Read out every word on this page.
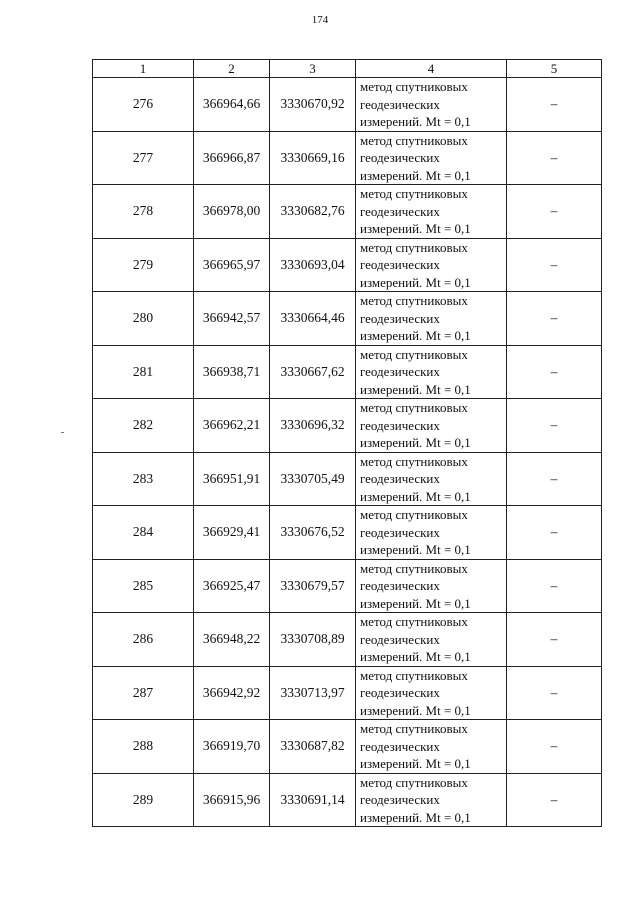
174
1	2	3	4	5
276	366964,66	3330670,92	метод спутниковых
геодезических
измерений. Mt = 0,1	–
277	366966,87	3330669,16	метод спутниковых
геодезических
измерений. Mt = 0,1	–
278	366978,00	3330682,76	метод спутниковых
геодезических
измерений. Mt = 0,1	–
279	366965,97	3330693,04	метод спутниковых
геодезических
измерений. Mt = 0,1	–
280	366942,57	3330664,46	метод спутниковых
геодезических
измерений. Mt = 0,1	–
281	366938,71	3330667,62	метод спутниковых
геодезических
измерений. Mt = 0,1	–
282	366962,21	3330696,32	метод спутниковых
геодезических
измерений. Mt = 0,1	–
283	366951,91	3330705,49	метод спутниковых
геодезических
измерений. Mt = 0,1	–
284	366929,41	3330676,52	метод спутниковых
геодезических
измерений. Mt = 0,1	–
285	366925,47	3330679,57	метод спутниковых
геодезических
измерений. Mt = 0,1	–
286	366948,22	3330708,89	метод спутниковых
геодезических
измерений. Mt = 0,1	–
287	366942,92	3330713,97	метод спутниковых
геодезических
измерений. Mt = 0,1	–
288	366919,70	3330687,82	метод спутниковых
геодезических
измерений. Mt = 0,1	–
289	366915,96	3330691,14	метод спутниковых
геодезических
измерений. Mt = 0,1	–
